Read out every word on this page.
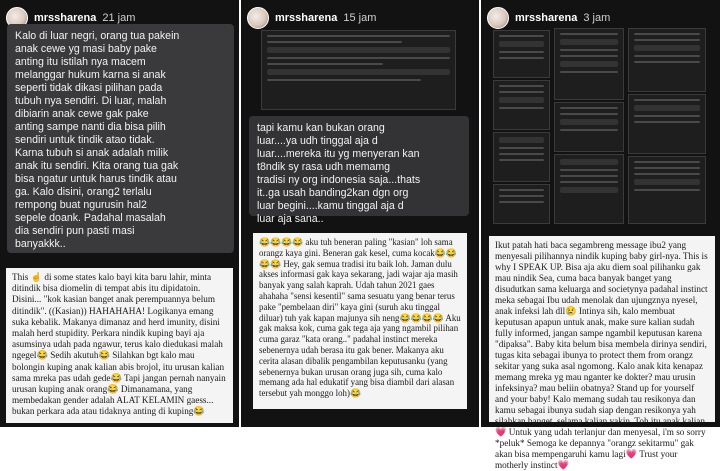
mrssharena 21 jam
Kalo di luar negri, orang tua pakein
anak cewe yg masi baby pake
anting itu istilah nya macem
melanggar hukum karna si anak
seperti tidak dikasi pilihan pada
tubuh nya sendiri. Di luar, malah
dibiarin anak cewe gak pake
anting sampe nanti dia bisa pilih
sendiri untuk tindik atao tidak.
Karna tubuh si anak adalah milik
anak itu sendiri. Kita orang tua gak
bisa ngatur untuk harus tindik atau
ga. Kalo disini, orang2 terlalu
rempong buat ngurusin hal2
sepele doank. Padahal masalah
dia sendiri pun pasti masi
banyakkk..
This ☝️ di some states kalo bayi kita baru lahir, minta ditindik bisa diomelin di tempat abis itu dipidatoin. Disini... "kok kasian banget anak perempuannya belum ditindik". ((Kasian)) HAHAHAHA! Logikanya emang suka kebalik. Makanya dimanaz and herd imunity, disini malah herd stupidity. Perkara nindik kuping bayi aja asumsinya udah pada ngawur, terus kalo diedukasi malah ngegel😂 Sedih akutuh😂 Silahkan bgt kalo mau bolongin kuping anak kalian abis brojol, itu urusan kalian sama mreka pas udah gede😂 Tapi jangan pernah nanyain urusan kuping anak orang😂 Dimanamana, yang membedakan gender adalah ALAT KELAMIN gaess... bukan perkara ada atau tidaknya anting di kuping😂
mrssharena 15 jam
tapi kamu kan bukan orang
luar....ya udh tinggal aja d
luar....mereka itu yg menyeran kan
t8ndik sy rasa udh memamg
tradisi ny org indonesia saja...thats
it..ga usah banding2kan dgn org
luar begini....kamu tinggal aja d
luar aja sana..
😂😂😂😂 aku tuh beneran paling "kasian" loh sama orangz kaya gini. Beneran gak kesel, cuma kocak😂😂😂😂 Hey, gak semua tradisi itu baik loh. Jaman dulu akses informasi gak kaya sekarang, jadi wajar aja masih banyak yang salah kaprah. Udah tahun 2021 gaes ahahaha "sensi kesentil" sama sesuatu yang benar terus pake "pembelaan diri" kaya gini (suruh aku tinggal diluar) tuh yak kapan majunya sih neng😂😂😂😂 Aku gak maksa kok, cuma gak tega aja yang ngambil pilihan cuma garaz "kata orang.." padahal instinct mereka sebenernya udah berasa itu gak bener. Makanya aku cerita alasan dibalik pengambilan keputusanku (yang sebenernya bukan urusan orang juga sih, cuma kalo memang ada hal edukatif yang bisa diambil dari alasan tersebut yah monggo loh)😂
mrssharena 3 jam
Ikut patah hati baca segambreng message ibu2 yang menyesali pilihannya nindik kuping baby girl-nya. This is why I SPEAK UP. Bisa aja aku diem soal pilihanku gak mau nindik Sea, cuma baca banyak banget yang disudutkan sama keluarga and societynya padahal instinct meka sebagai Ibu udah menolak dan ujungznya nyesel, anak infeksi lah dll😢 Intinya sih, kalo membuat keputusan apapun untuk anak, make sure kalian sudah fully informed, jangan sampe ngambil keputusan karena "dipaksa". Baby kita belum bisa membela dirinya sendiri, tugas kita sebagai ibunya to protect them from orangz sekitar yang suka asal ngomong. Kalo anak kita kenapaz memang mreka yg mau nganter ke dokter? mau urusin infeksinya? mau beliin obatnya? Stand up for yourself and your baby! Kalo memang sudah tau resikonya dan kamu sebagai ibunya sudah siap dengan resikonya yah silahkan banget, selama kalian yakin. Toh itu anak kalian💗 Untuk yang udah terlanjur dan menyesal, i'm so sorry *peluk* Semoga ke depannya "orangz sekitarmu" gak akan bisa mempengaruhi kamu lagi💗 Trust your motherly instinct💗
